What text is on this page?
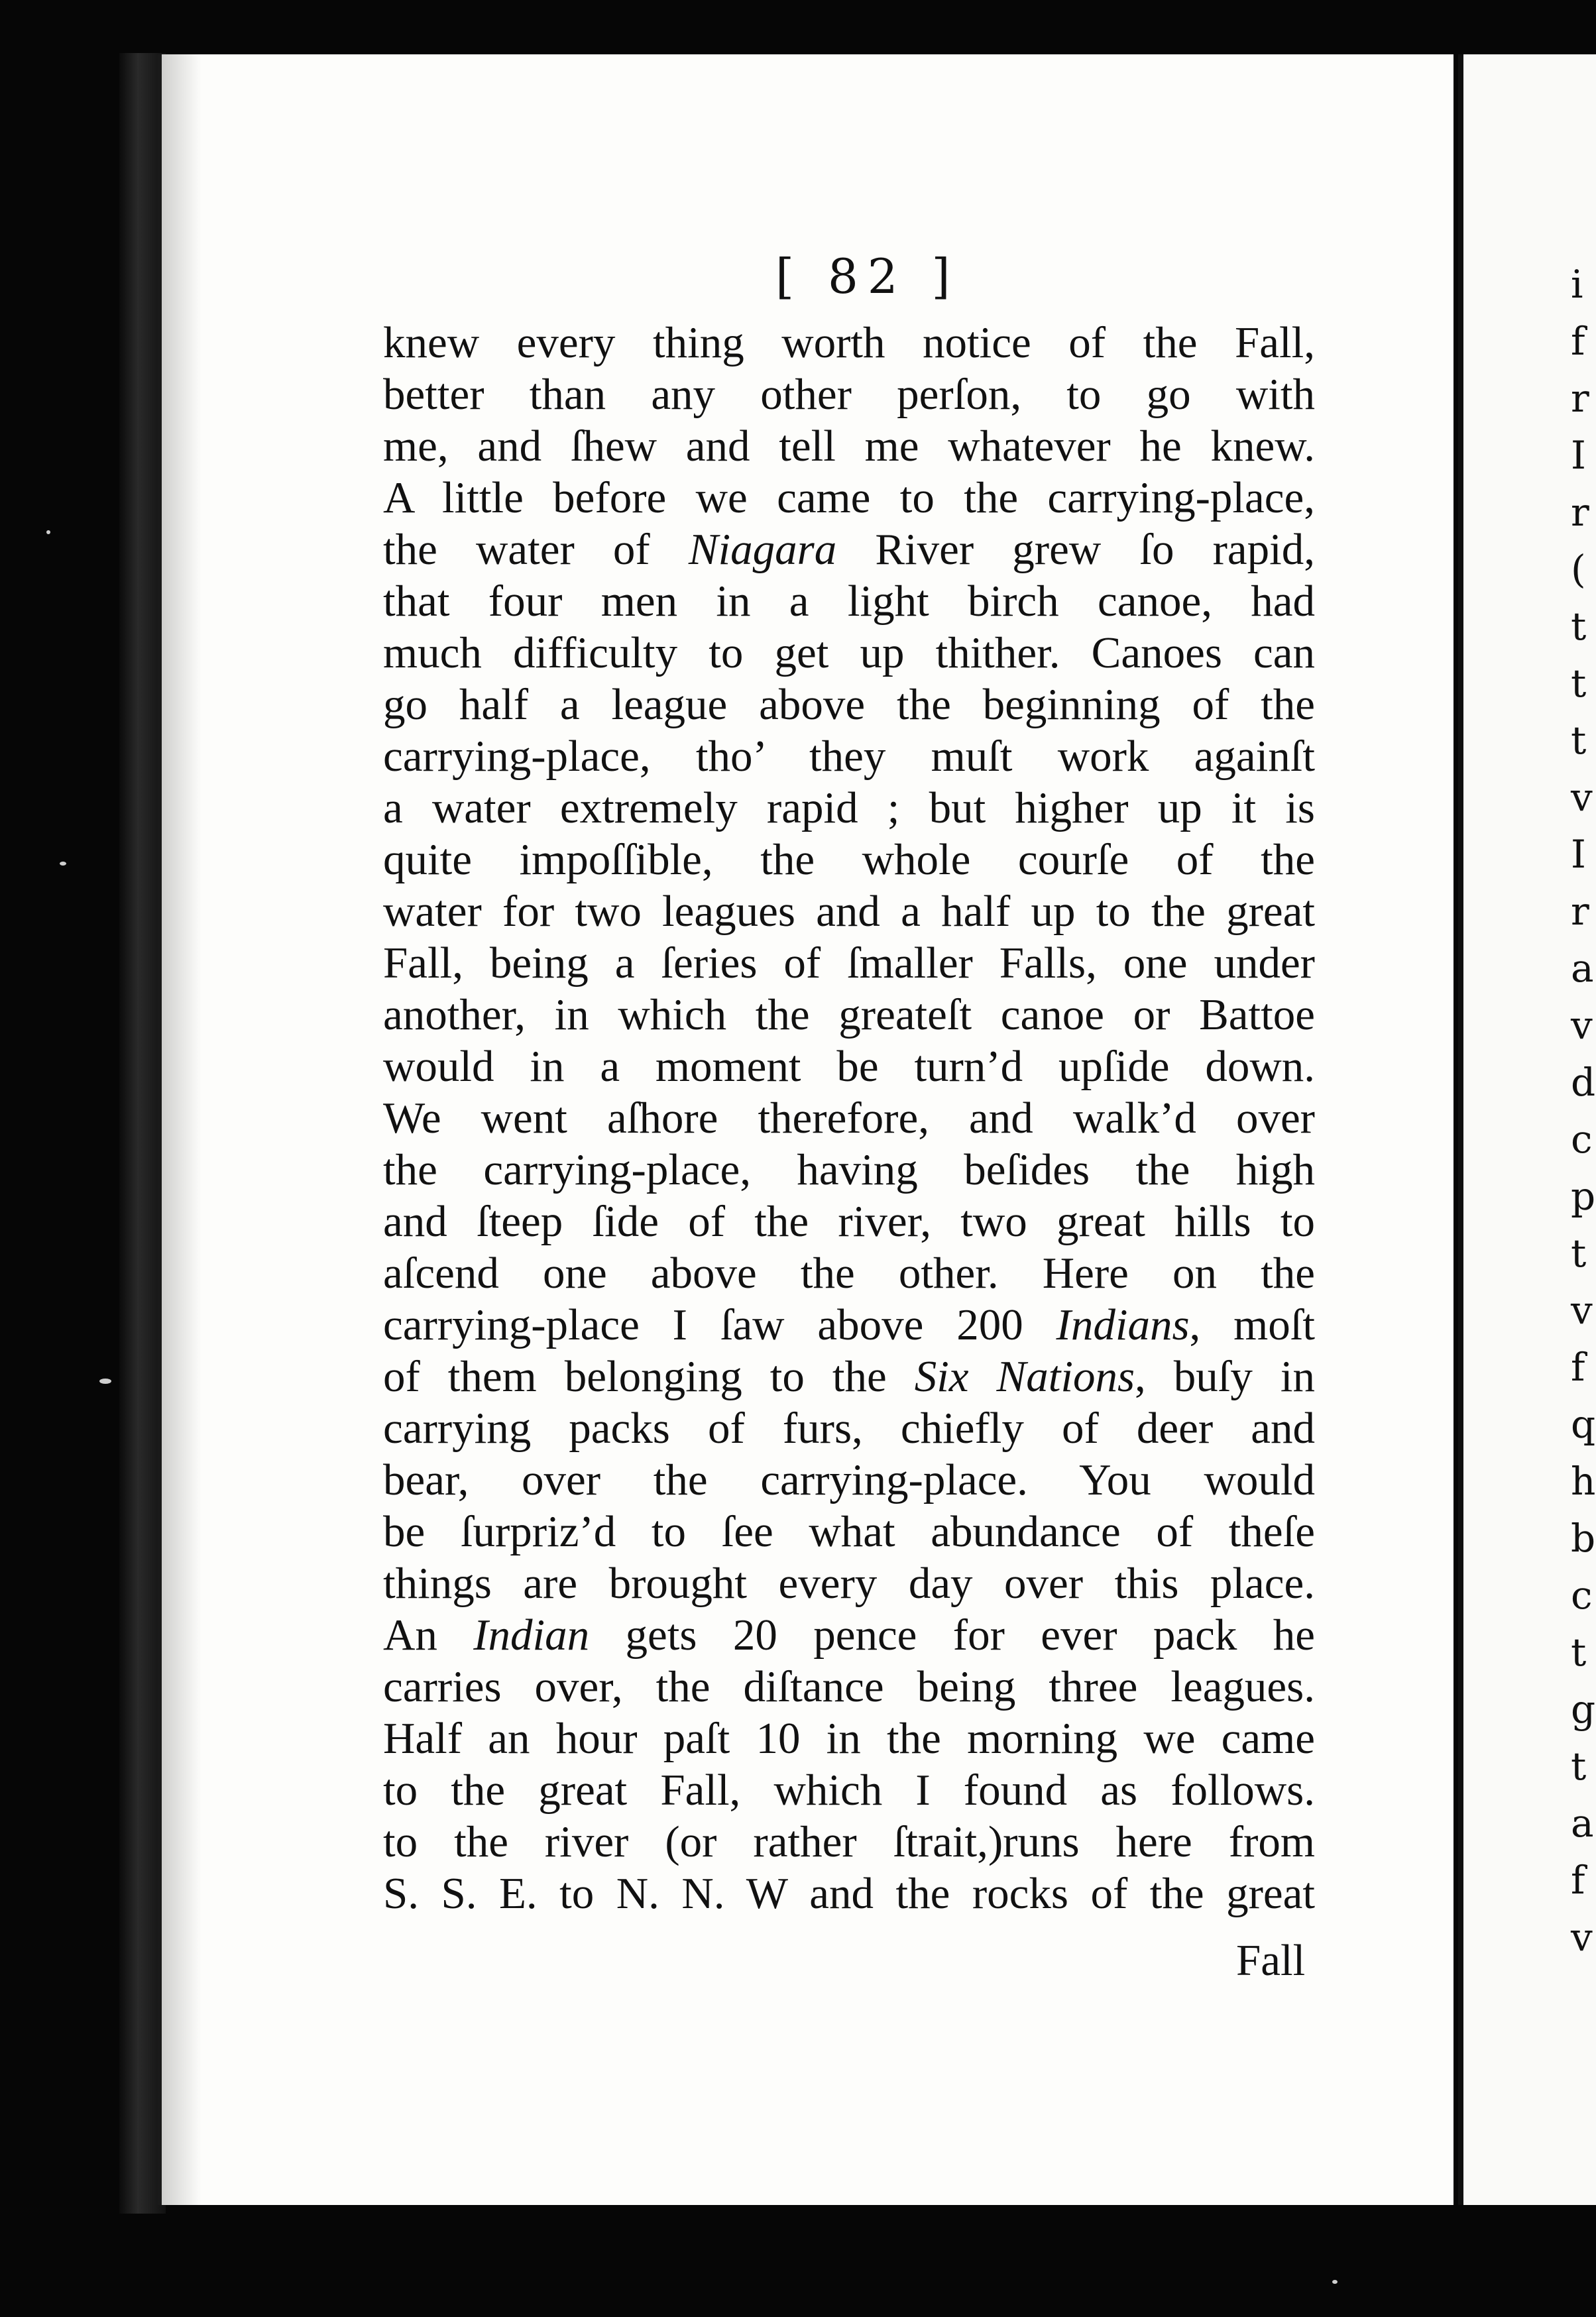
i
f
r
I
r
(
t
t
t
v
I
r
a
v
d
c
p
t
v
f
q
h
b
c
t
g
t
a
f
v
[ 82 ]
knew every thing worth notice of the Fall,
better than any other perſon, to go with
me, and ſhew and tell me whatever he knew.
A little before we came to the carrying-place,
the water of Niagara River grew ſo rapid,
that four men in a light birch canoe, had
much difficulty to get up thither. Canoes can
go half a league above the beginning of the
carrying-place, tho’ they muſt work againſt
a water extremely rapid ; but higher up it is
quite impoſſible, the whole courſe of the
water for two leagues and a half up to the great
Fall, being a ſeries of ſmaller Falls, one under
another, in which the greateſt canoe or Battoe
would in a moment be turn’d upſide down.
We went aſhore therefore, and walk’d over
the carrying-place, having beſides the high
and ſteep ſide of the river, two great hills to
aſcend one above the other. Here on the
carrying-place I ſaw above 200 Indians, moſt
of them belonging to the Six Nations, buſy in
carrying packs of furs, chiefly of deer and
bear, over the carrying-place. You would
be ſurpriz’d to ſee what abundance of theſe
things are brought every day over this place.
An Indian gets 20 pence for ever pack he
carries over, the diſtance being three leagues.
Half an hour paſt 10 in the morning we came
to the great Fall, which I found as follows.
to the river (or rather ſtrait,)runs here from
S. S. E. to N. N. W and the rocks of the great
Fall
